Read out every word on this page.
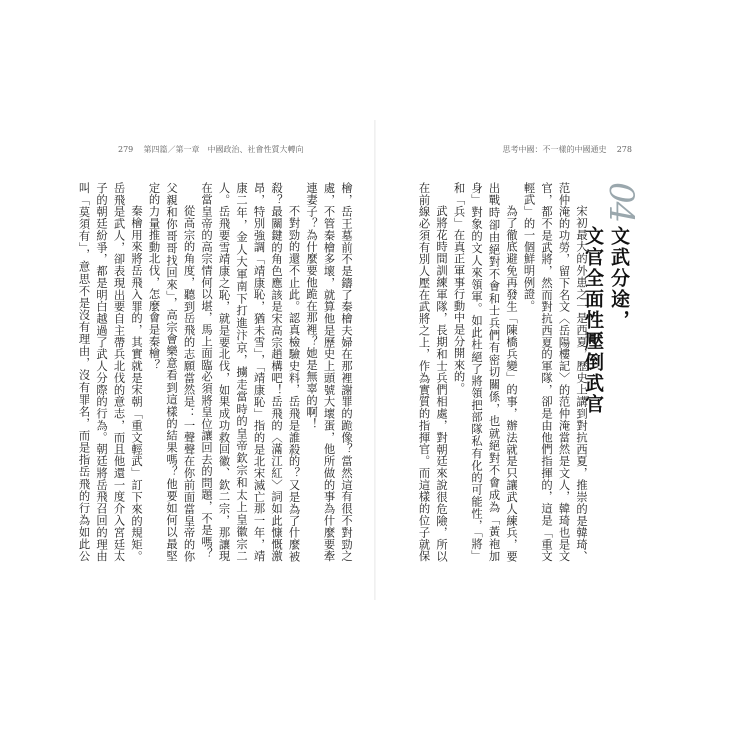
279 第四篇／第一章　中國政治、社會性質大轉向	思考中國：不一樣的中國通史 278
04
文武分途，
文官全面性壓倒武官

宋初最大的外患之一是西夏，歷史上講到對抗西夏，推崇的是韓琦、范仲淹的功勞，留下名文〈岳陽樓記〉的范仲淹當然是文人，韓琦也是文官，都不是武將，然而對抗西夏的軍隊，卻是由他們指揮的，這是「重文輕武」的一個鮮明例證。

為了徹底避免再發生「陳橋兵變」的事，辦法就是只讓武人練兵，要出戰時卻由絕對不會和士兵們有密切關係，也就絕對不會成為「黃袍加身」對象的文人來領軍。如此杜絕了將領把部隊私有化的可能性，「將」和「兵」在真正軍事行動中是分開來的。

武將花時間訓練軍隊，長期和士兵們相處，對朝廷來說很危險，所以在前線必須有別人壓在武將之上，作為實質的指揮官。而這樣的位子就保

檜，岳王墓前不是鑄了秦檜夫婦在那裡謝罪的跪像？當然這有很不對勁之處，不管秦檜多壞，就算他是歷史上頭號大壞蛋，他所做的事為什麼要牽連妻子？為什麼要他跪在那裡？她是無辜的啊！

不對勁的還不止此。認真檢驗史料，岳飛是誰殺的？又是為了什麼被殺？最關鍵的角色應該是宋高宗趙構吧！岳飛的〈滿江紅〉詞如此慷慨激昂，特別強調「靖康恥，猶未雪」，「靖康恥」指的是北宋滅亡那一年，靖康二年，金人大軍南下打進汴京，擄走當時的皇帝欽宗和太上皇徽宗二人。岳飛要雪靖康之恥，就是要北伐，如果成功救回徽、欽二宗，那讓現在當皇帝的高宗情何以堪，馬上面臨必須將皇位讓回去的問題，不是嗎？

從高宗的角度，聽到岳飛的志願當然是：一聲聲在你前面當皇帝的你父親和你哥哥找回來」，高宗會樂意看到這樣的結果嗎？他要如何以最堅定的力量推動北伐，怎麼會是秦檜？

秦檜用來將岳飛入罪的，其實就是宋朝「重文輕武」訂下來的規矩。岳飛是武人，卻表現出要自主帶兵北伐的意志，而且他還一度介入宮廷太子的朝廷紛爭，都是明白越過了武人分際的行為。朝廷將岳飛召回的理由叫「莫須有」，意思不是沒有理由，沒有罪名，而是指岳飛的行為如此公
